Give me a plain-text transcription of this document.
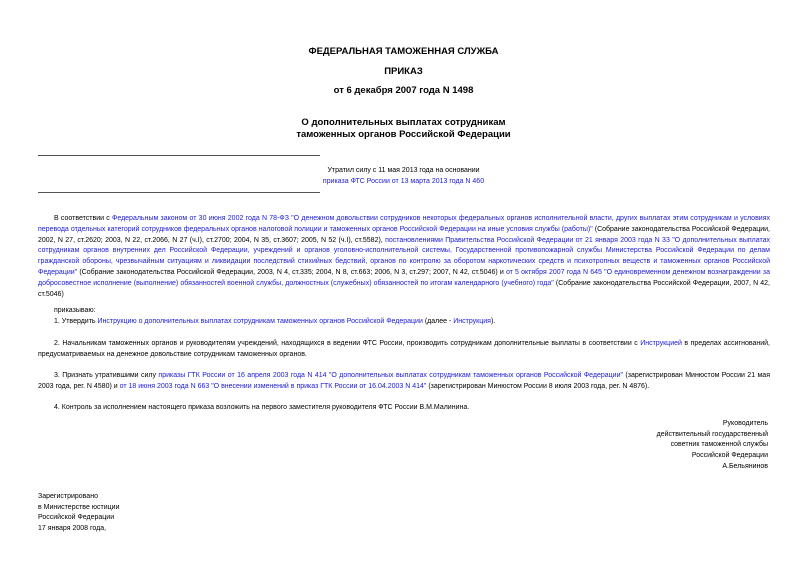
ФЕДЕРАЛЬНАЯ ТАМОЖЕННАЯ СЛУЖБА
ПРИКАЗ
от 6 декабря 2007 года N 1498
О дополнительных выплатах сотрудникам
таможенных органов Российской Федерации
Утратил силу с 11 мая 2013 года на основании
приказа ФТС России от 13 марта 2013 года N 460

В соответствии с Федеральным законом от 30 июня 2002 года N 78-ФЗ "О денежном довольствии сотрудников некоторых федеральных органов исполнительной власти, других выплатах этим сотрудникам и условиях перевода отдельных категорий сотрудников федеральных органов налоговой полиции и таможенных органов Российской Федерации на иные условия службы (работы)" (Собрание законодательства Российской Федерации, 2002, N 27, ст.2620; 2003, N 22, ст.2066, N 27 (ч.I), ст.2700; 2004, N 35, ст.3607; 2005, N 52 (ч.I), ст.5582), постановлениями Правительства Российской Федерации от 21 января 2003 года N 33 "О дополнительных выплатах сотрудникам органов внутренних дел Российской Федерации, учреждений и органов уголовно-исполнительной системы, Государственной противопожарной службы Министерства Российской Федерации по делам гражданской обороны, чрезвычайным ситуациям и ликвидации последствий стихийных бедствий, органов по контролю за оборотом наркотических средств и психотропных веществ и таможенных органов Российской Федерации" (Собрание законодательства Российской Федерации, 2003, N 4, ст.335; 2004, N 8, ст.663; 2006, N 3, ст.297; 2007, N 42, ст.5046) и от 5 октября 2007 года N 645 "О единовременном денежном вознаграждении за добросовестное исполнение (выполнение) обязанностей военной службы, должностных (служебных) обязанностей по итогам календарного (учебного) года" (Собрание законодательства Российской Федерации, 2007, N 42, ст.5046)

приказываю:

1. Утвердить Инструкцию о дополнительных выплатах сотрудникам таможенных органов Российской Федерации (далее - Инструкция).

2. Начальникам таможенных органов и руководителям учреждений, находящихся в ведении ФТС России, производить сотрудникам дополнительные выплаты в соответствии с Инструкцией в пределах ассигнований, предусматриваемых на денежное довольствие сотрудникам таможенных органов.

3. Признать утратившими силу приказы ГТК России от 16 апреля 2003 года N 414 "О дополнительных выплатах сотрудникам таможенных органов Российской Федерации" (зарегистрирован Минюстом России 21 мая 2003 года, рег. N 4580) и от 18 июня 2003 года N 663 "О внесении изменений в приказ ГТК России от 16.04.2003 N 414" (зарегистрирован Минюстом России 8 июля 2003 года, рег. N 4876).

4. Контроль за исполнением настоящего приказа возложить на первого заместителя руководителя ФТС России В.М.Малинина.

Руководитель
действительный государственный
советник таможенной службы
Российской Федерации
А.Бельянинов
Зарегистрировано
в Министерстве юстиции
Российской Федерации
17 января 2008 года,
